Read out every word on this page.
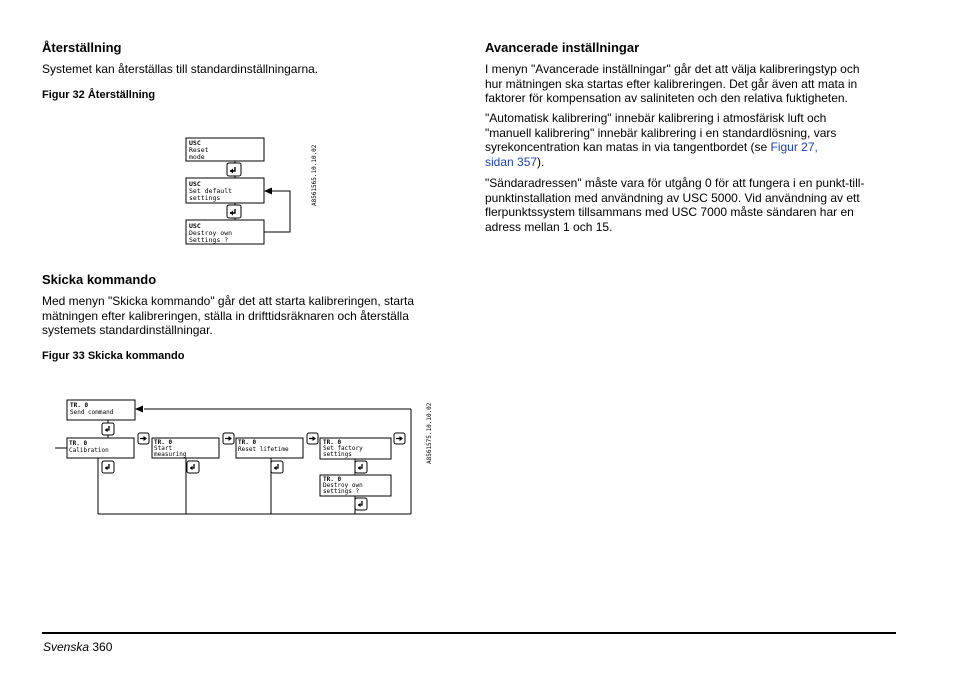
Återställning

Systemet kan återställas till standardinställningarna.

Figur 32 Återställning

USC
Reset
mode
USC
Set default
settings
USC
Destroy own
Settings ?
A8561565.10.10.02
Skicka kommando

Med menyn "Skicka kommando" går det att starta kalibreringen, starta

mätningen efter kalibreringen, ställa in drifttidsräknaren och återställa

systemets standardinställningar.

Figur 33 Skicka kommando

TR. 0
Send command
TR. 0
Calibration
TR. 0
Start
measuring
TR. 0
Reset lifetime
TR. 0
Set factory
settings
TR. 0
Destroy own
settings ?
A8561575.10.10.02
Avancerade inställningar

I menyn "Avancerade inställningar" går det att välja kalibreringstyp och

hur mätningen ska startas efter kalibreringen. Det går även att mata in

faktorer för kompensation av saliniteten och den relativa fuktigheten.

"Automatisk kalibrering" innebär kalibrering i atmosfärisk luft och

"manuell kalibrering" innebär kalibrering i en standardlösning, vars

syrekoncentration kan matas in via tangentbordet (se Figur 27,

sidan 357).

"Sändaradressen" måste vara för utgång 0 för att fungera i en punkt-till-

punktinstallation med användning av USC 5000. Vid användning av ett

flerpunktssystem tillsammans med USC 7000 måste sändaren har en

adress mellan 1 och 15.

Svenska 360
